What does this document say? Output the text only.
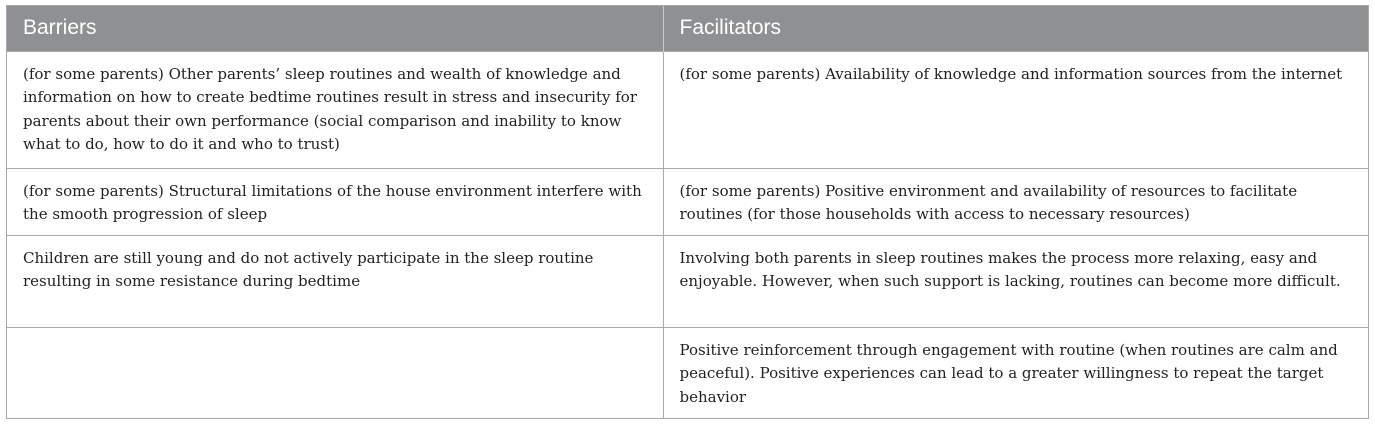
Barriers	Facilitators
(for some parents) Other parents’ sleep routines and wealth of knowledge and information on how to create bedtime routines result in stress and insecurity for parents about their own performance (social comparison and inability to know what to do, how to do it and who to trust)	(for some parents) Availability of knowledge and information sources from the internet
(for some parents) Structural limitations of the house environment interfere with the smooth progression of sleep	(for some parents) Positive environment and availability of resources to facilitate routines (for those households with access to necessary resources)
Children are still young and do not actively participate in the sleep routine resulting in some resistance during bedtime	Involving both parents in sleep routines makes the process more relaxing, easy and enjoyable. However, when such support is lacking, routines can become more difficult.
	Positive reinforcement through engagement with routine (when routines are calm and peaceful). Positive experiences can lead to a greater willingness to repeat the target behavior
